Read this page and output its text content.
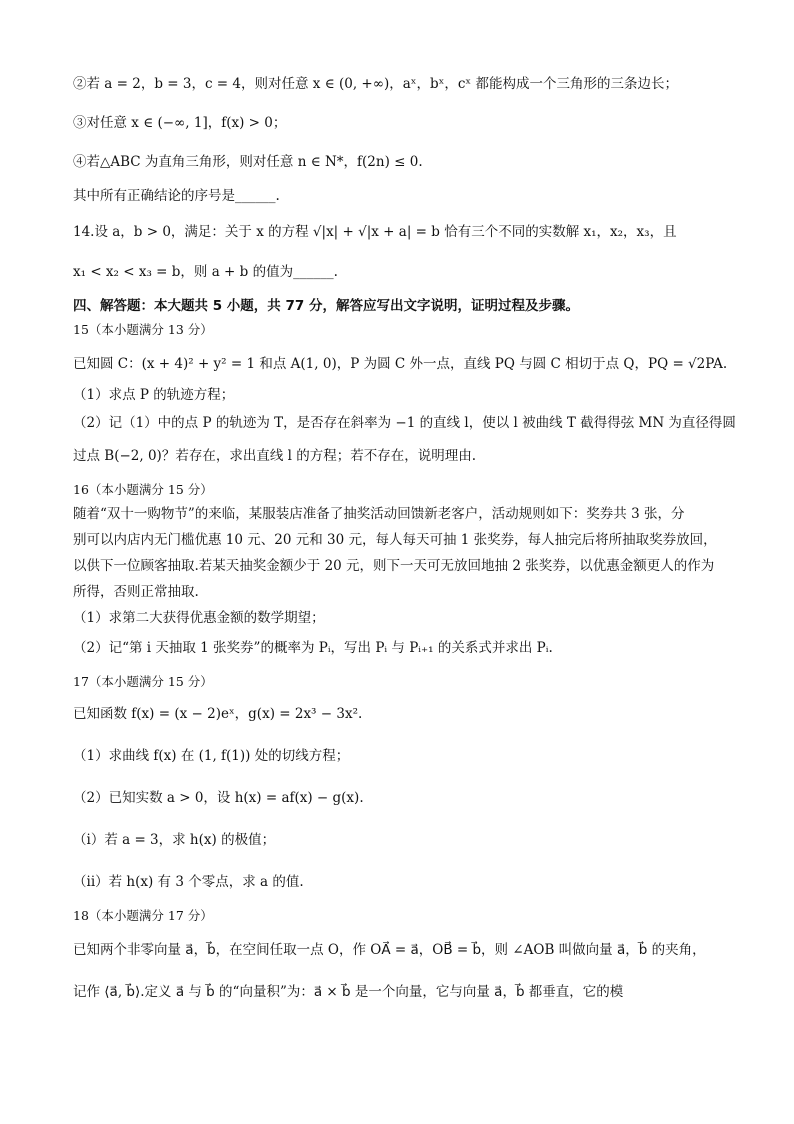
②若 a = 2，b = 3，c = 4，则对任意 x ∈ (0, +∞)，aˣ，bˣ，cˣ 都能构成一个三角形的三条边长；
③对任意 x ∈ (−∞, 1]，f(x) > 0；
④若△ABC 为直角三角形，则对任意 n ∈ N*，f(2n) ≤ 0.
其中所有正确结论的序号是______.
14.设 a，b > 0，满足：关于 x 的方程 √|x| + √|x + a| = b 恰有三个不同的实数解 x₁，x₂，x₃，且
x₁ < x₂ < x₃ = b，则 a + b 的值为______.
四、解答题：本大题共 5 小题，共 77 分，解答应写出文字说明，证明过程及步骤。
15（本小题满分 13 分）
已知圆 C：(x + 4)² + y² = 1 和点 A(1, 0)，P 为圆 C 外一点，直线 PQ 与圆 C 相切于点 Q，PQ = √2PA.
（1）求点 P 的轨迹方程；
（2）记（1）中的点 P 的轨迹为 T，是否存在斜率为 −1 的直线 l，使以 l 被曲线 T 截得得弦 MN 为直径得圆
过点 B(−2, 0)？若存在，求出直线 l 的方程；若不存在，说明理由.
16（本小题满分 15 分）
随着“双十一购物节”的来临，某服装店准备了抽奖活动回馈新老客户，活动规则如下：奖券共 3 张，分
别可以内店内无门槛优惠 10 元、20 元和 30 元，每人每天可抽 1 张奖券，每人抽完后将所抽取奖券放回，
以供下一位顾客抽取.若某天抽奖金额少于 20 元，则下一天可无放回地抽 2 张奖券，以优惠金额更人的作为
所得，否则正常抽取.
（1）求第二大获得优惠金额的数学期望；
（2）记“第 i 天抽取 1 张奖券”的概率为 Pᵢ，写出 Pᵢ 与 Pᵢ₊₁ 的关系式并求出 Pᵢ.
17（本小题满分 15 分）
已知函数 f(x) = (x − 2)eˣ，g(x) = 2x³ − 3x².
（1）求曲线 f(x) 在 (1, f(1)) 处的切线方程；
（2）已知实数 a > 0，设 h(x) = af(x) − g(x).
（i）若 a = 3，求 h(x) 的极值；
（ii）若 h(x) 有 3 个零点，求 a 的值.
18（本小题满分 17 分）
已知两个非零向量 a⃗，b⃗，在空间任取一点 O，作 OA⃗ = a⃗，OB⃗ = b⃗，则 ∠AOB 叫做向量 a⃗，b⃗ 的夹角，
记作 ⟨a⃗, b⃗⟩.定义 a⃗ 与 b⃗ 的“向量积”为：a⃗ × b⃗ 是一个向量，它与向量 a⃗，b⃗ 都垂直，它的模
